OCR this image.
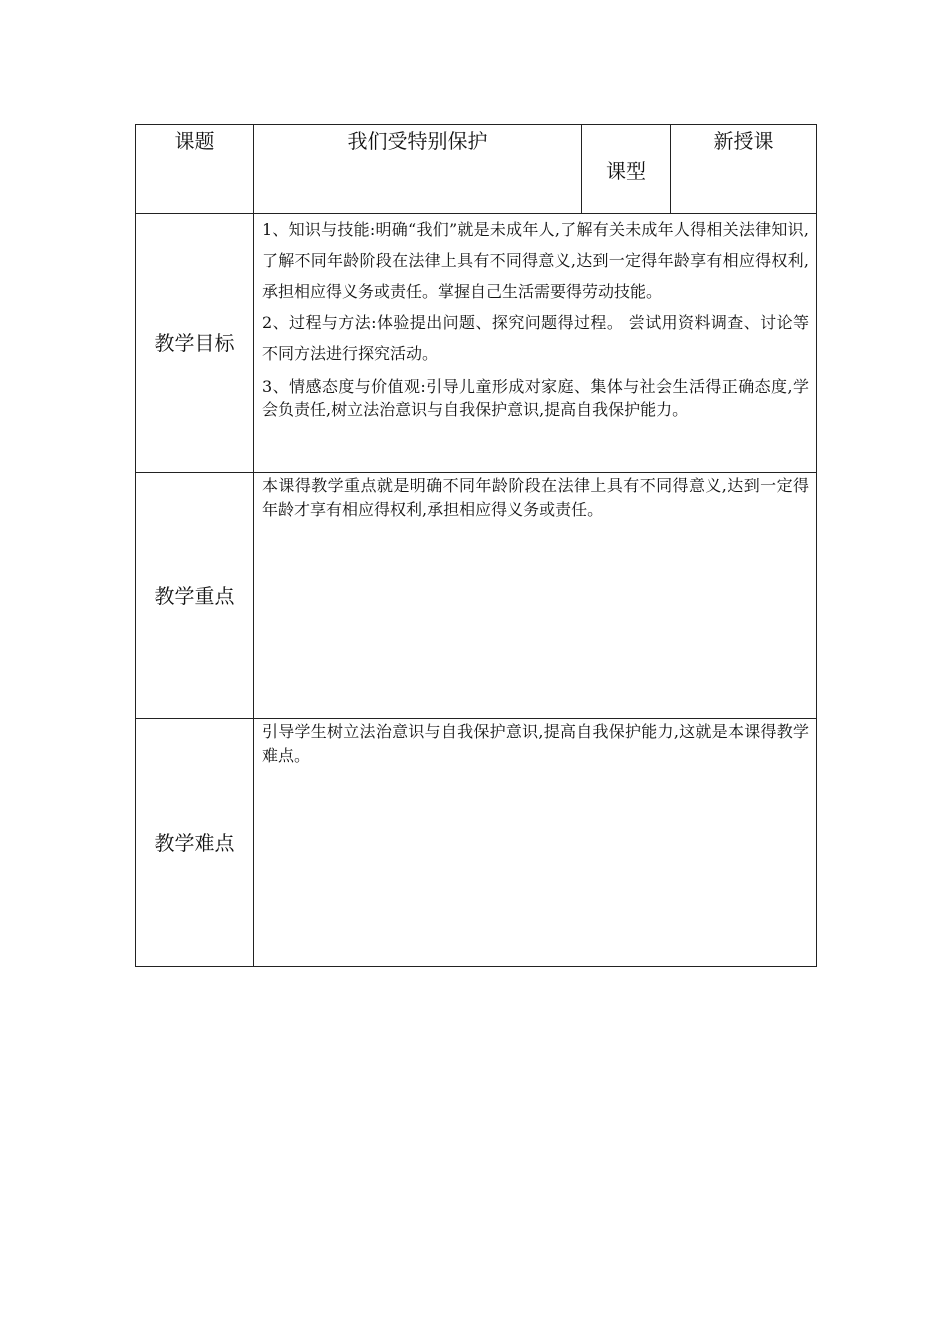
课题	我们受特别保护	课型	新授课
教学目标	1、知识与技能:明确“我们”就是未成年人,了解有关未成年人得相关法律知识,了解不同年龄阶段在法律上具有不同得意义,达到一定得年龄享有相应得权利,承担相应得义务或责任。掌握自己生活需要得劳动技能。

2、过程与方法:体验提出问题、探究问题得过程。 尝试用资料调查、讨论等不同方法进行探究活动。

3、情感态度与价值观:引导儿童形成对家庭、集体与社会生活得正确态度,学会负责任,树立法治意识与自我保护意识,提高自我保护能力。		

教学重点	本课得教学重点就是明确不同年龄阶段在法律上具有不同得意义,达到一定得年龄才享有相应得权利,承担相应得义务或责任。		
教学难点	引导学生树立法治意识与自我保护意识,提高自我保护能力,这就是本课得教学难点。		
